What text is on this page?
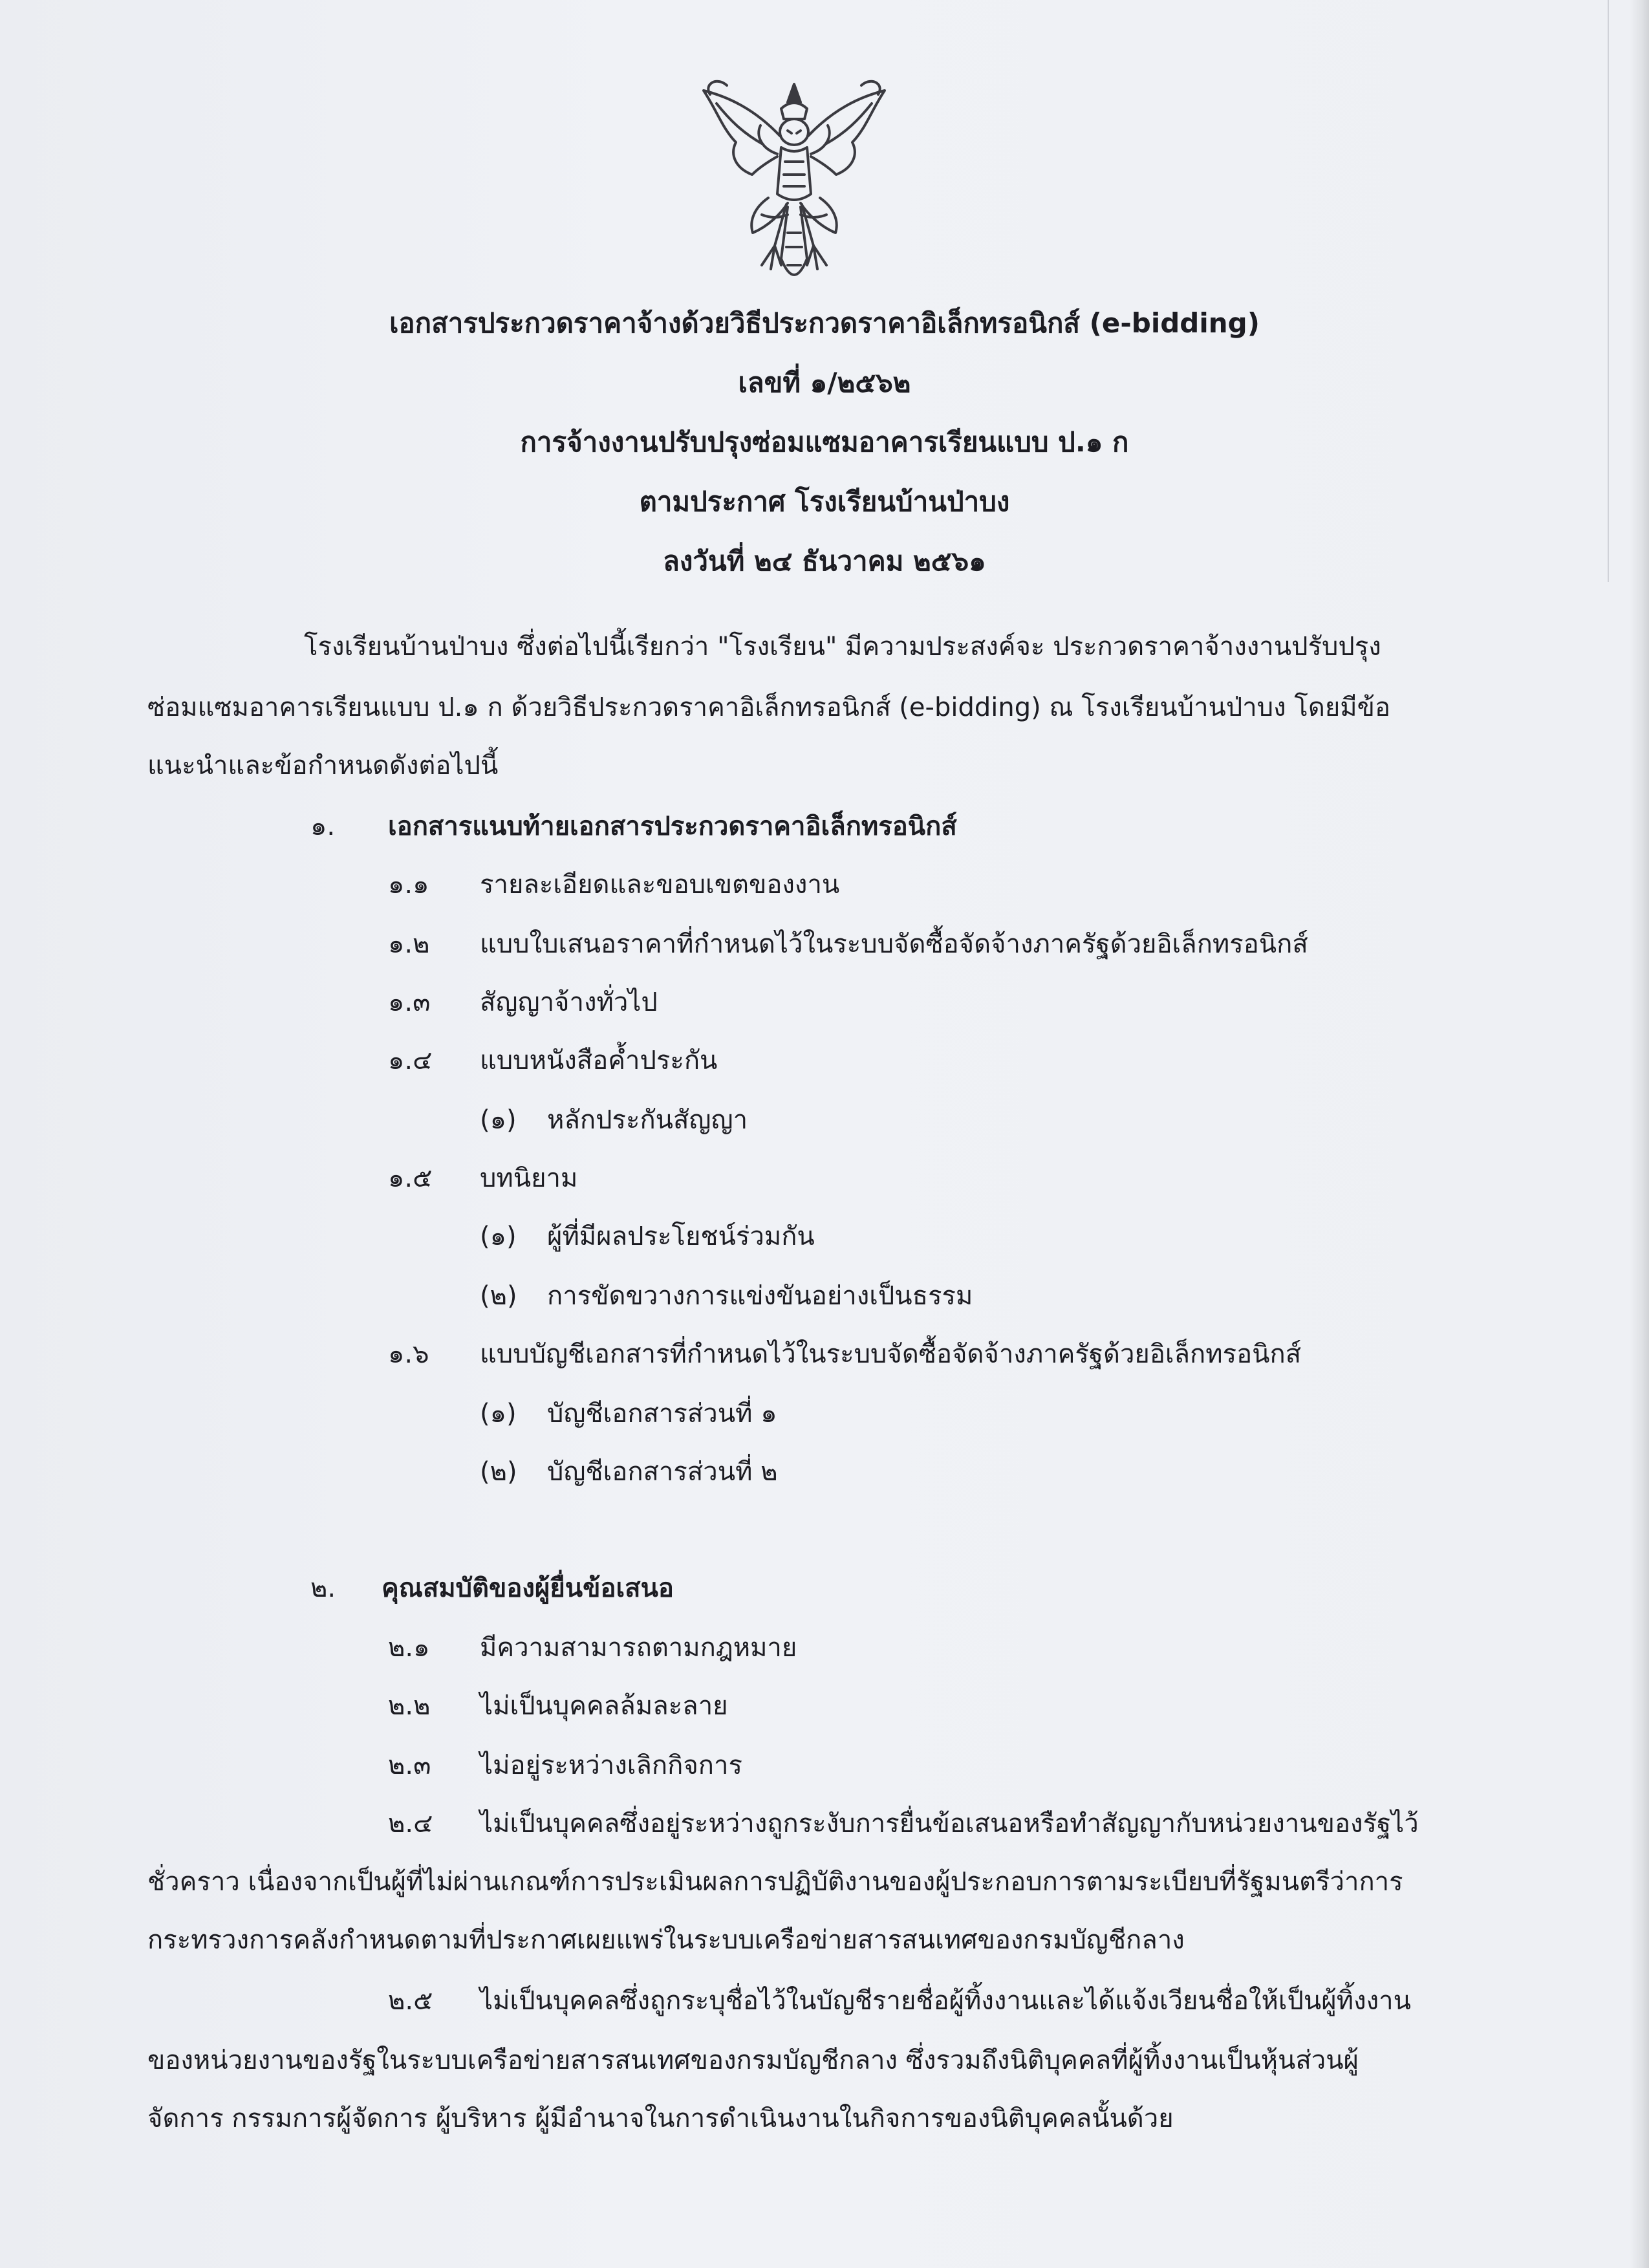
เอกสารประกวดราคาจ้างด้วยวิธีประกวดราคาอิเล็กทรอนิกส์ (e-bidding)
เลขที่ ๑/๒๕๖๒
การจ้างงานปรับปรุงซ่อมแซมอาคารเรียนแบบ ป.๑ ก
ตามประกาศ โรงเรียนบ้านป่าบง
ลงวันที่ ๒๔ ธันวาคม ๒๕๖๑
โรงเรียนบ้านป่าบง ซึ่งต่อไปนี้เรียกว่า "โรงเรียน" มีความประสงค์จะ ประกวดราคาจ้างงานปรับปรุง
ซ่อมแซมอาคารเรียนแบบ ป.๑ ก ด้วยวิธีประกวดราคาอิเล็กทรอนิกส์ (e-bidding) ณ โรงเรียนบ้านป่าบง โดยมีข้อ
แนะนำและข้อกำหนดดังต่อไปนี้
๑. เอกสารแนบท้ายเอกสารประกวดราคาอิเล็กทรอนิกส์
๑.๑ รายละเอียดและขอบเขตของงาน
๑.๒ แบบใบเสนอราคาที่กำหนดไว้ในระบบจัดซื้อจัดจ้างภาครัฐด้วยอิเล็กทรอนิกส์
๑.๓ สัญญาจ้างทั่วไป
๑.๔ แบบหนังสือค้ำประกัน
(๑) หลักประกันสัญญา
๑.๕ บทนิยาม
(๑) ผู้ที่มีผลประโยชน์ร่วมกัน
(๒) การขัดขวางการแข่งขันอย่างเป็นธรรม
๑.๖ แบบบัญชีเอกสารที่กำหนดไว้ในระบบจัดซื้อจัดจ้างภาครัฐด้วยอิเล็กทรอนิกส์
(๑) บัญชีเอกสารส่วนที่ ๑
(๒) บัญชีเอกสารส่วนที่ ๒
๒. คุณสมบัติของผู้ยื่นข้อเสนอ
๒.๑ มีความสามารถตามกฎหมาย
๒.๒ ไม่เป็นบุคคลล้มละลาย
๒.๓ ไม่อยู่ระหว่างเลิกกิจการ
๒.๔ ไม่เป็นบุคคลซึ่งอยู่ระหว่างถูกระงับการยื่นข้อเสนอหรือทำสัญญากับหน่วยงานของรัฐไว้
ชั่วคราว เนื่องจากเป็นผู้ที่ไม่ผ่านเกณฑ์การประเมินผลการปฏิบัติงานของผู้ประกอบการตามระเบียบที่รัฐมนตรีว่าการ
กระทรวงการคลังกำหนดตามที่ประกาศเผยแพร่ในระบบเครือข่ายสารสนเทศของกรมบัญชีกลาง
๒.๕ ไม่เป็นบุคคลซึ่งถูกระบุชื่อไว้ในบัญชีรายชื่อผู้ทิ้งงานและได้แจ้งเวียนชื่อให้เป็นผู้ทิ้งงาน
ของหน่วยงานของรัฐในระบบเครือข่ายสารสนเทศของกรมบัญชีกลาง ซึ่งรวมถึงนิติบุคคลที่ผู้ทิ้งงานเป็นหุ้นส่วนผู้
จัดการ กรรมการผู้จัดการ ผู้บริหาร ผู้มีอำนาจในการดำเนินงานในกิจการของนิติบุคคลนั้นด้วย
